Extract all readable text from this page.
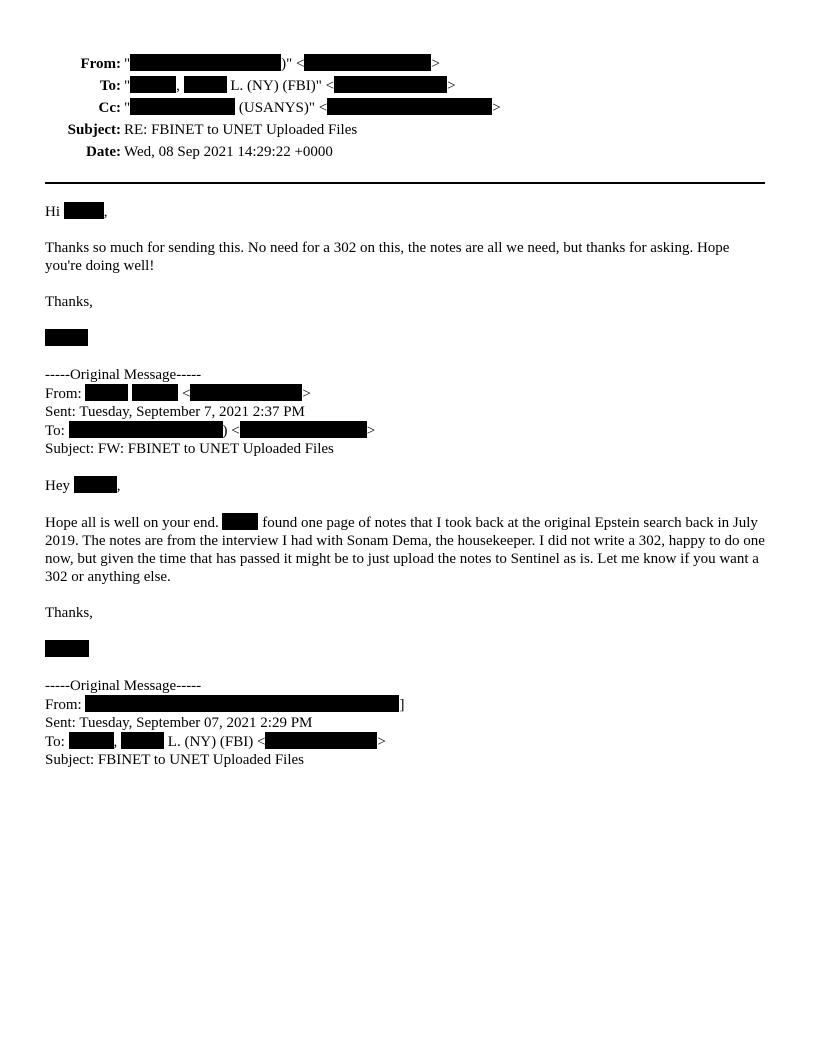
From: "	)" <	>
To: "	,	L. (NY) (FBI)" <	>
Cc: "	(USANYS)" <	>
Subject: RE: FBINET to UNET Uploaded Files
Date: Wed, 08 Sep 2021 14:29:22 +0000

Hi	,

Thanks so much for sending this. No need for a 302 on this, the notes are all we need, but thanks for asking. Hope you're doing well!

Thanks,

-----Original Message-----
From:	<	>
Sent: Tuesday, September 7, 2021 2:37 PM
To:	) <	>
Subject: FW: FBINET to UNET Uploaded Files

Hey	,

Hope all is well on your end.	found one page of notes that I took back at the original Epstein search back in July 2019. The notes are from the interview I had with Sonam Dema, the housekeeper. I did not write a 302, happy to do one now, but given the time that has passed it might be to just upload the notes to Sentinel as is. Let me know if you want a 302 or anything else.

Thanks,

-----Original Message-----
From:	]
Sent: Tuesday, September 07, 2021 2:29 PM
To:	,	L. (NY) (FBI) <	>
Subject: FBINET to UNET Uploaded Files
